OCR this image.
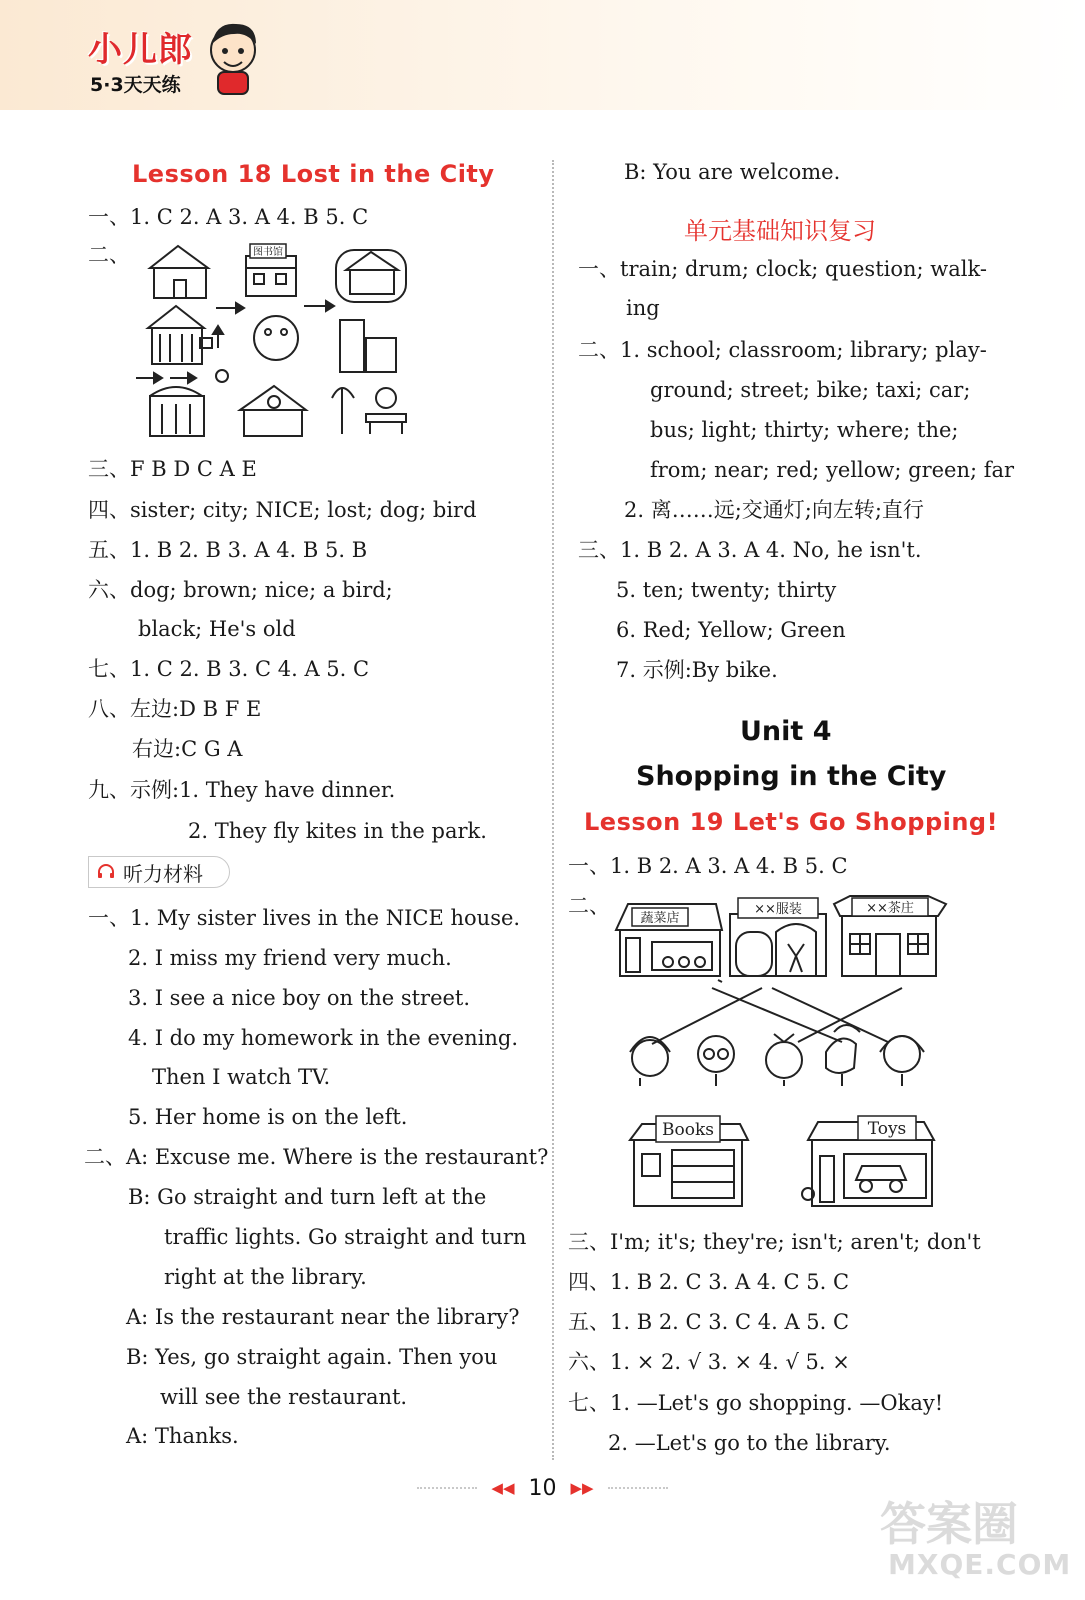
小儿郎
5·3天天练
Lesson 18 Lost in the City
一、1. C 2. A 3. A 4. B 5. C
二、	图书馆
三、F B D C A E
四、sister; city; NICE; lost; dog; bird
五、1. B 2. B 3. A 4. B 5. B
六、dog; brown; nice; a bird;
black; He's old
七、1. C 2. B 3. C 4. A 5. C
八、左边:D B F E
右边:C G A
九、示例:1. They have dinner.
2. They fly kites in the park.
听力材料
一、1. My sister lives in the NICE house.
2. I miss my friend very much.
3. I see a nice boy on the street.
4. I do my homework in the evening.
Then I watch TV.
5. Her home is on the left.
二、A: Excuse me. Where is the restaurant?
B: Go straight and turn left at the
traffic lights. Go straight and turn
right at the library.
A: Is the restaurant near the library?
B: Yes, go straight again. Then you
will see the restaurant.
A: Thanks.
B: You are welcome.
单元基础知识复习
一、train; drum; clock; question; walk-
ing
二、1. school; classroom; library; play-
ground; street; bike; taxi; car;
bus; light; thirty; where; the;
from; near; red; yellow; green; far
2. 离……远;交通灯;向左转;直行
三、1. B 2. A 3. A 4. No, he isn't.
5. ten; twenty; thirty
6. Red; Yellow; Green
7. 示例:By bike.
Unit 4
Shopping in the City
Lesson 19 Let's Go Shopping!
一、1. B 2. A 3. A 4. B 5. C
二、
蔬菜店
××服装	××茶庄
Books	Toys
三、I'm; it's; they're; isn't; aren't; don't
四、1. B 2. C 3. A 4. C 5. C
五、1. B 2. C 3. C 4. A 5. C
六、1. × 2. √ 3. × 4. √ 5. ×
七、1. —Let's go shopping. —Okay!
2. —Let's go to the library.
◀◀ 10 ▶▶
答案圈
MXQE.COM
